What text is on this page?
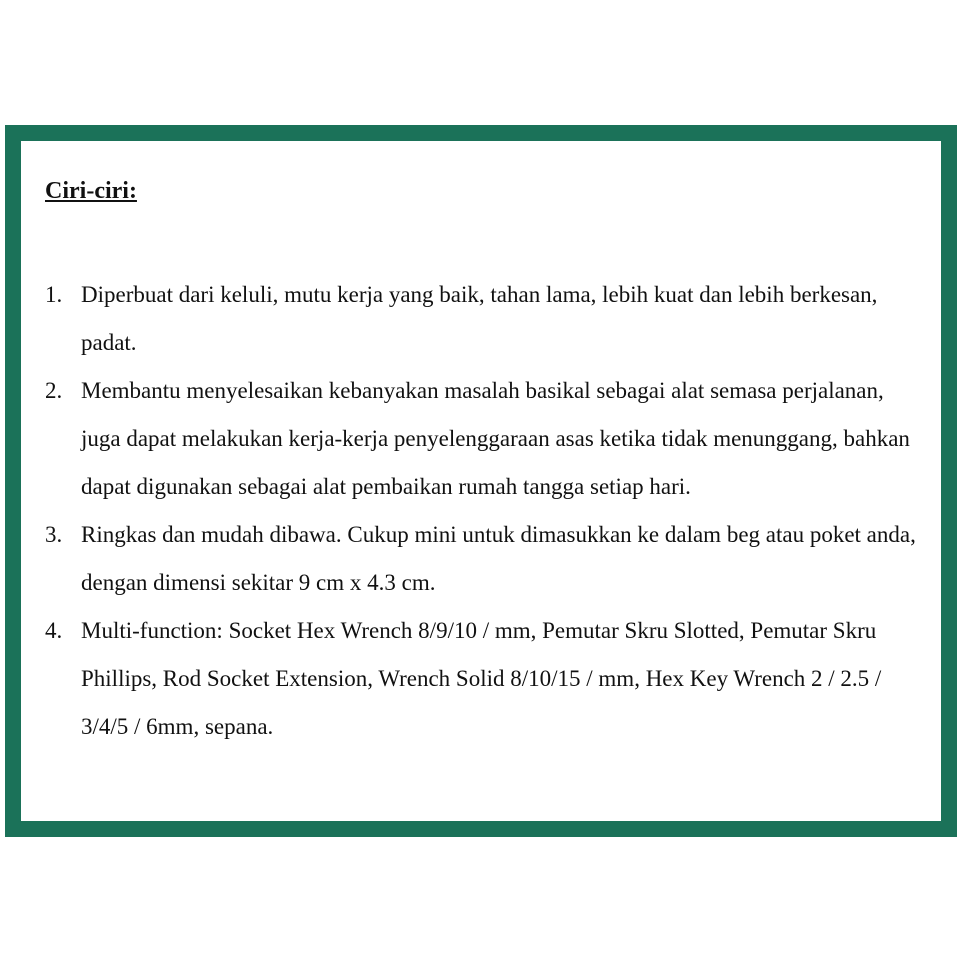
Ciri-ciri:
1. Diperbuat dari keluli, mutu kerja yang baik, tahan lama, lebih kuat dan lebih berkesan, padat.
2. Membantu menyelesaikan kebanyakan masalah basikal sebagai alat semasa perjalanan, juga dapat melakukan kerja-kerja penyelenggaraan asas ketika tidak menunggang, bahkan dapat digunakan sebagai alat pembaikan rumah tangga setiap hari.
3. Ringkas dan mudah dibawa. Cukup mini untuk dimasukkan ke dalam beg atau poket anda, dengan dimensi sekitar 9 cm x 4.3 cm.
4. Multi-function: Socket Hex Wrench 8/9/10 / mm, Pemutar Skru Slotted, Pemutar Skru Phillips, Rod Socket Extension, Wrench Solid 8/10/15 / mm, Hex Key Wrench 2 / 2.5 / 3/4/5 / 6mm, sepana.
